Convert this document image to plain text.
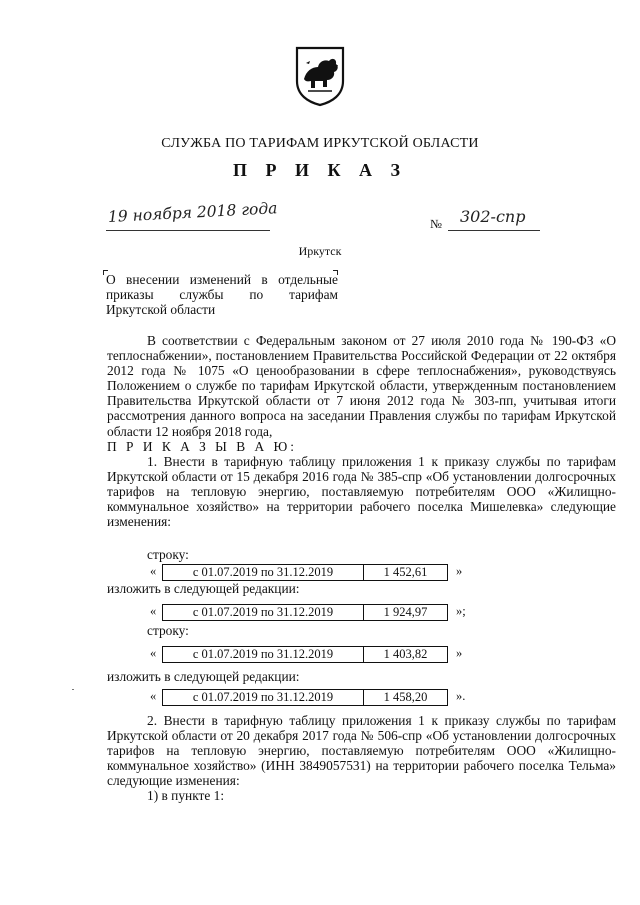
СЛУЖБА ПО ТАРИФАМ ИРКУТСКОЙ ОБЛАСТИ
П Р И К А З
19 ноября 2018 года	№ 302-спр
Иркутск
О внесении изменений в отдельные
приказы службы по тарифам
Иркутской области

В соответствии с Федеральным законом от 27 июля 2010 года № 190-ФЗ «О теплоснабжении», постановлением Правительства Российской Федерации от 22 октября 2012 года № 1075 «О ценообразовании в сфере теплоснабжения», руководствуясь Положением о службе по тарифам Иркутской области, утвержденным постановлением Правительства Иркутской области от 7 июня 2012 года № 303-пп, учитывая итоги рассмотрения данного вопроса на заседании Правления службы по тарифам Иркутской области 12 ноября 2018 года,

П Р И К А З Ы В А Ю:

1. Внести в тарифную таблицу приложения 1 к приказу службы по тарифам Иркутской области от 15 декабря 2016 года № 385-спр «Об установлении долгосрочных тарифов на тепловую энергию, поставляемую потребителям ООО «Жилищно-коммунальное хозяйство» на территории рабочего поселка Мишелевка» следующие изменения:

строку:
«	с 01.07.2019 по 31.12.2019	1 452,61	»
изложить в следующей редакции:
«	с 01.07.2019 по 31.12.2019	1 924,97	»;
строку:
«	с 01.07.2019 по 31.12.2019	1 403,82	»
изложить в следующей редакции:
«	с 01.07.2019 по 31.12.2019	1 458,20	».

2. Внести в тарифную таблицу приложения 1 к приказу службы по тарифам Иркутской области от 20 декабря 2017 года № 506-спр «Об установлении долгосрочных тарифов на тепловую энергию, поставляемую потребителям ООО «Жилищно-коммунальное хозяйство» (ИНН 3849057531) на территории рабочего поселка Тельма» следующие изменения:

1) в пункте 1:
